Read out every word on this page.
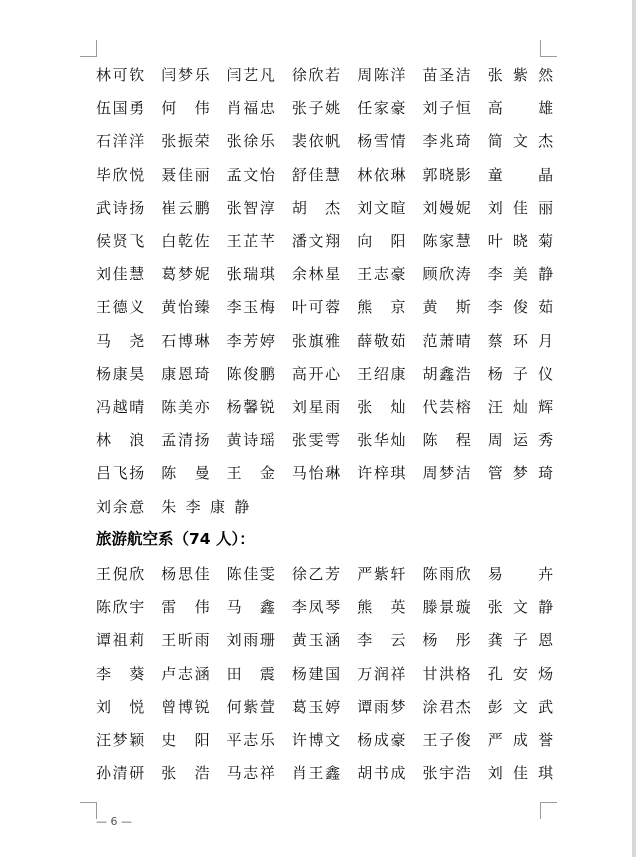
林可钦	闫梦乐	闫艺凡	徐欣若	周陈洋	苗圣洁	张紫然
伍国勇	何　伟	肖福忠	张子姚	任家豪	刘子恒	高　雄
石洋洋	张振荣	张徐乐	裴依帆	杨雪情	李兆琦	简文杰
毕欣悦	聂佳丽	孟文怡	舒佳慧	林依琳	郭晓影	童　晶
武诗扬	崔云鹏	张智淳	胡　杰	刘文暄	刘嫚妮	刘佳丽
侯贤飞	白乾佐	王芷芊	潘文翔	向　阳	陈家慧	叶晓菊
刘佳慧	葛梦妮	张瑞琪	余林星	王志豪	顾欣涛	李美静
王德义	黄怡臻	李玉梅	叶可蓉	熊　京	黄　斯	李俊茹
马　尧	石博琳	李芳婷	张旗雅	薛敬茹	范萧晴	蔡环月
杨康昊	康恩琦	陈俊鹏	高开心	王绍康	胡鑫浩	杨子仪
冯越晴	陈美亦	杨馨锐	刘星雨	张　灿	代芸榕	汪灿辉
林　浪	孟清扬	黄诗瑶	张雯雩	张华灿	陈　程	周运秀
吕飞扬	陈　曼	王　金	马怡琳	许梓琪	周梦洁	管梦琦
刘余意	朱李康静
旅游航空系（74 人）：
王倪欣	杨思佳	陈佳雯	徐乙芳	严紫轩	陈雨欣	易　卉
陈欣宇	雷　伟	马　鑫	李凤琴	熊　英	滕景璇	张文静
谭祖莉	王昕雨	刘雨珊	黄玉涵	李　云	杨　彤	龚子恩
李　葵	卢志涵	田　震	杨建国	万润祥	甘洪格	孔安炀
刘　悦	曾博锐	何紫萱	葛玉婷	谭雨梦	涂君杰	彭文武
汪梦颖	史　阳	平志乐	许博文	杨成豪	王子俊	严成誉
孙清研	张　浩	马志祥	肖王鑫	胡书成	张宇浩	刘佳琪
— 6 —
